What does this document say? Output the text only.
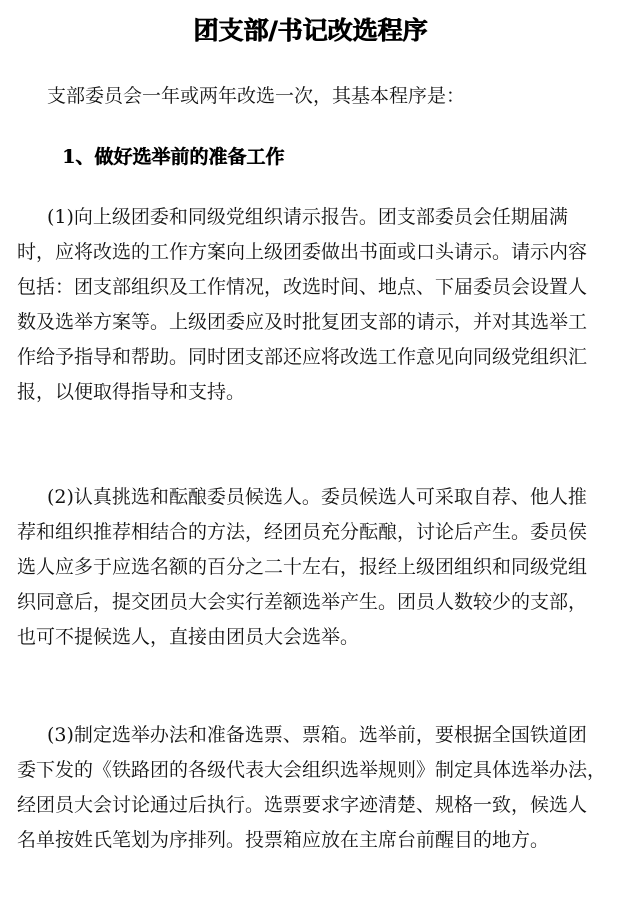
团支部/书记改选程序
支部委员会一年或两年改选一次，其基本程序是：
1、做好选举前的准备工作
(1)向上级团委和同级党组织请示报告。团支部委员会任期届满
时，应将改选的工作方案向上级团委做出书面或口头请示。请示内容
包括：团支部组织及工作情况，改选时间、地点、下届委员会设置人
数及选举方案等。上级团委应及时批复团支部的请示，并对其选举工
作给予指导和帮助。同时团支部还应将改选工作意见向同级党组织汇
报，以便取得指导和支持。
(2)认真挑选和酝酿委员候选人。委员候选人可采取自荐、他人推
荐和组织推荐相结合的方法，经团员充分酝酿，讨论后产生。委员侯
选人应多于应选名额的百分之二十左右，报经上级团组织和同级党组
织同意后，提交团员大会实行差额选举产生。团员人数较少的支部，
也可不提候选人，直接由团员大会选举。
(3)制定选举办法和准备选票、票箱。选举前，要根据全国铁道团
委下发的《铁路团的各级代表大会组织选举规则》制定具体选举办法，
经团员大会讨论通过后执行。选票要求字迹清楚、规格一致，候选人
名单按姓氏笔划为序排列。投票箱应放在主席台前醒目的地方。
